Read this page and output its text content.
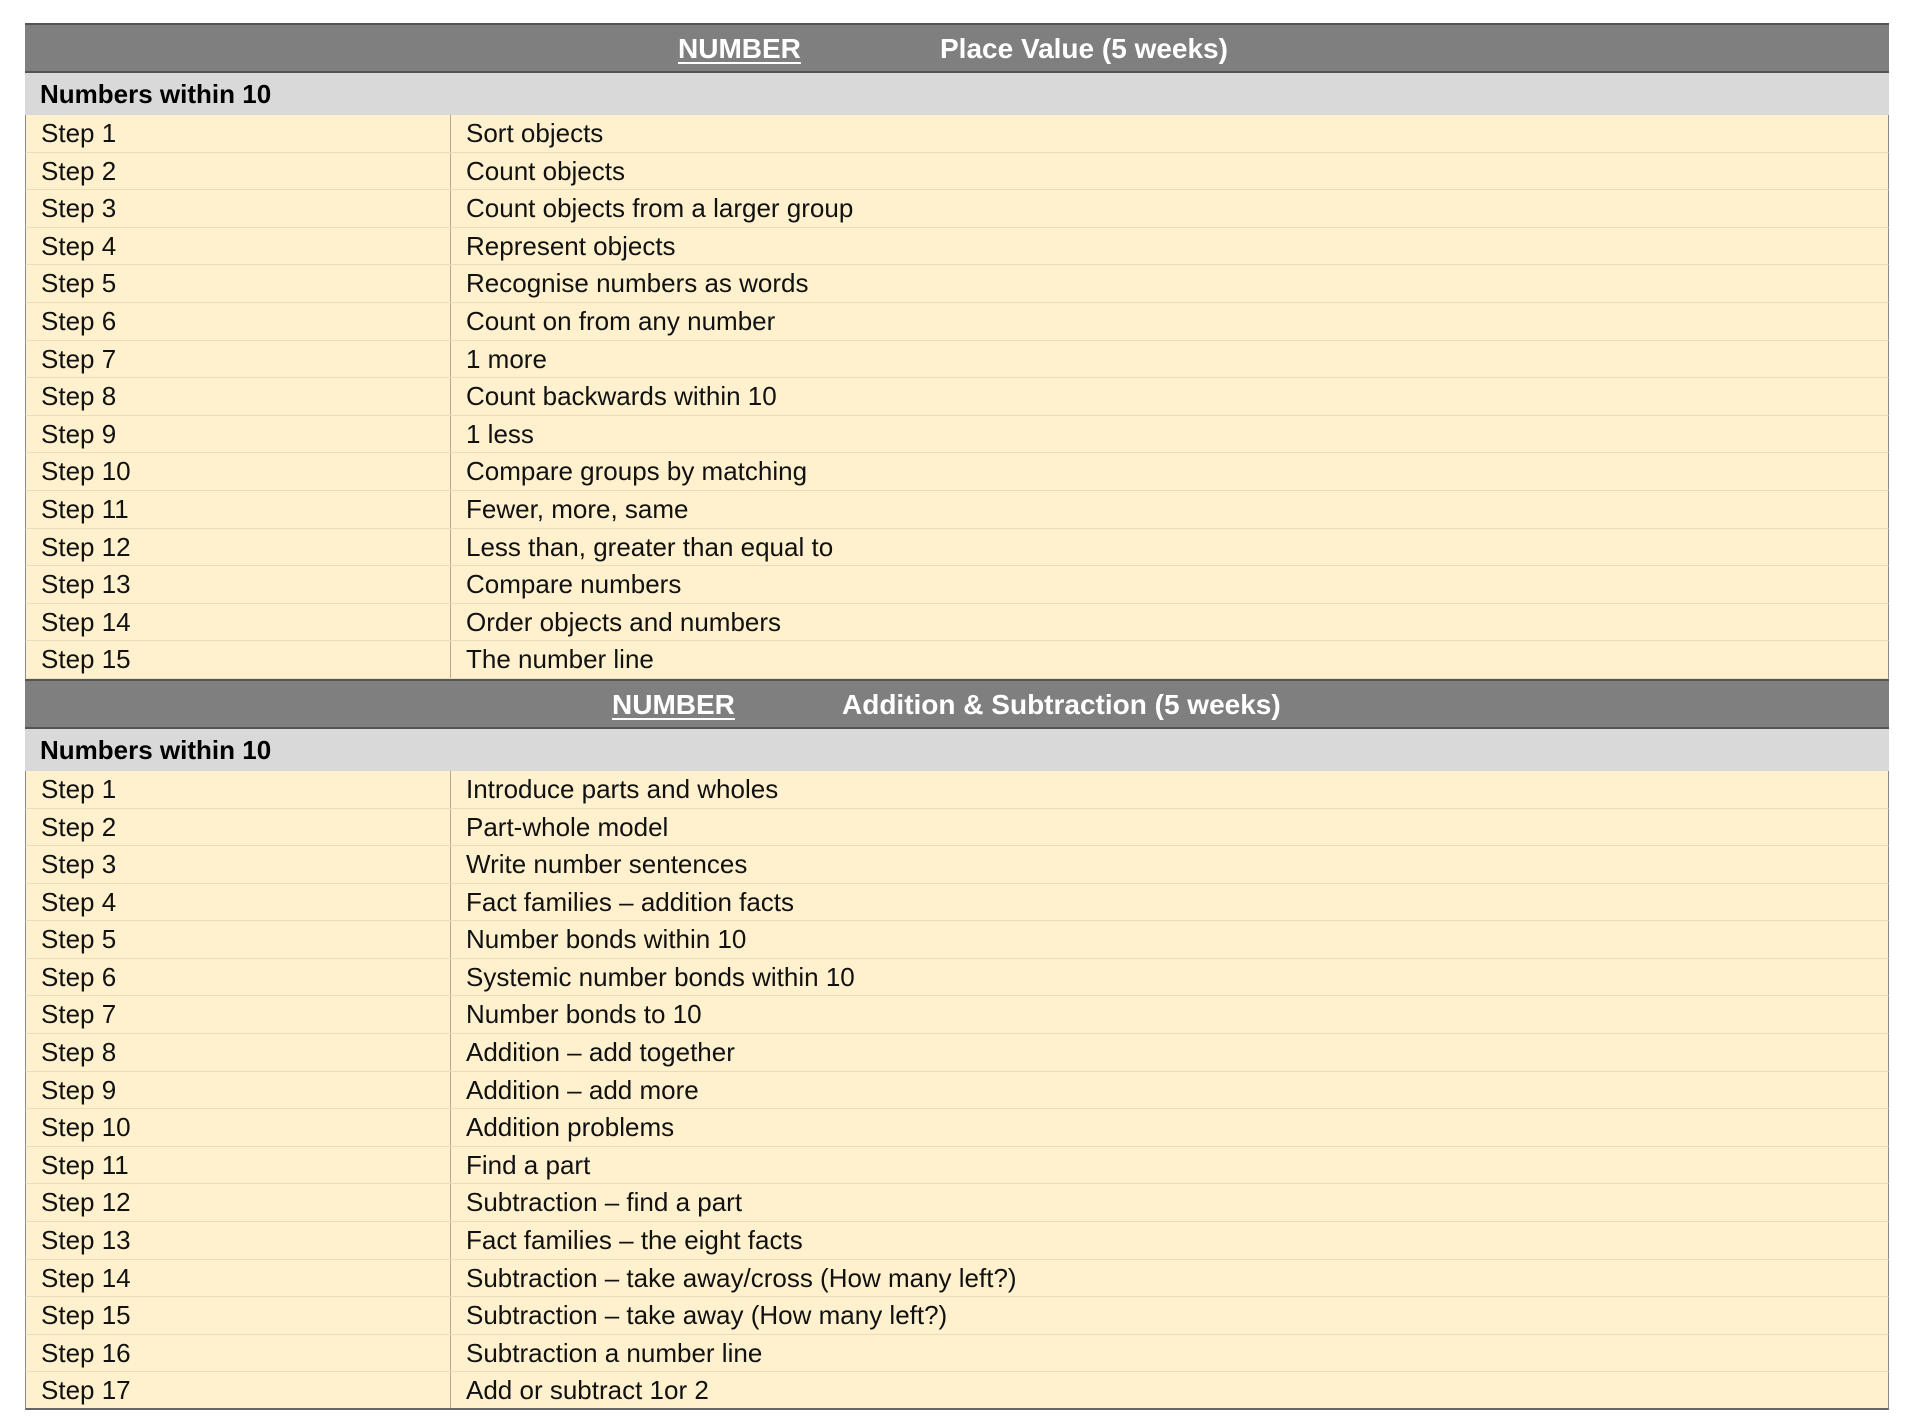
NUMBER	Place Value (5 weeks)
Numbers within 10
Step 1	Sort objects
Step 2	Count objects
Step 3	Count objects from a larger group
Step 4	Represent objects
Step 5	Recognise numbers as words
Step 6	Count on from any number
Step 7	1 more
Step 8	Count backwards within 10
Step 9	1 less
Step 10	Compare groups by matching
Step 11	Fewer, more, same
Step 12	Less than, greater than equal to
Step 13	Compare numbers
Step 14	Order objects and numbers
Step 15	The number line
NUMBER	Addition & Subtraction (5 weeks)
Numbers within 10
Step 1	Introduce parts and wholes
Step 2	Part-whole model
Step 3	Write number sentences
Step 4	Fact families – addition facts
Step 5	Number bonds within 10
Step 6	Systemic number bonds within 10
Step 7	Number bonds to 10
Step 8	Addition – add together
Step 9	Addition – add more
Step 10	Addition problems
Step 11	Find a part
Step 12	Subtraction – find a part
Step 13	Fact families – the eight facts
Step 14	Subtraction – take away/cross (How many left?)
Step 15	Subtraction – take away (How many left?)
Step 16	Subtraction a number line
Step 17	Add or subtract 1or 2
